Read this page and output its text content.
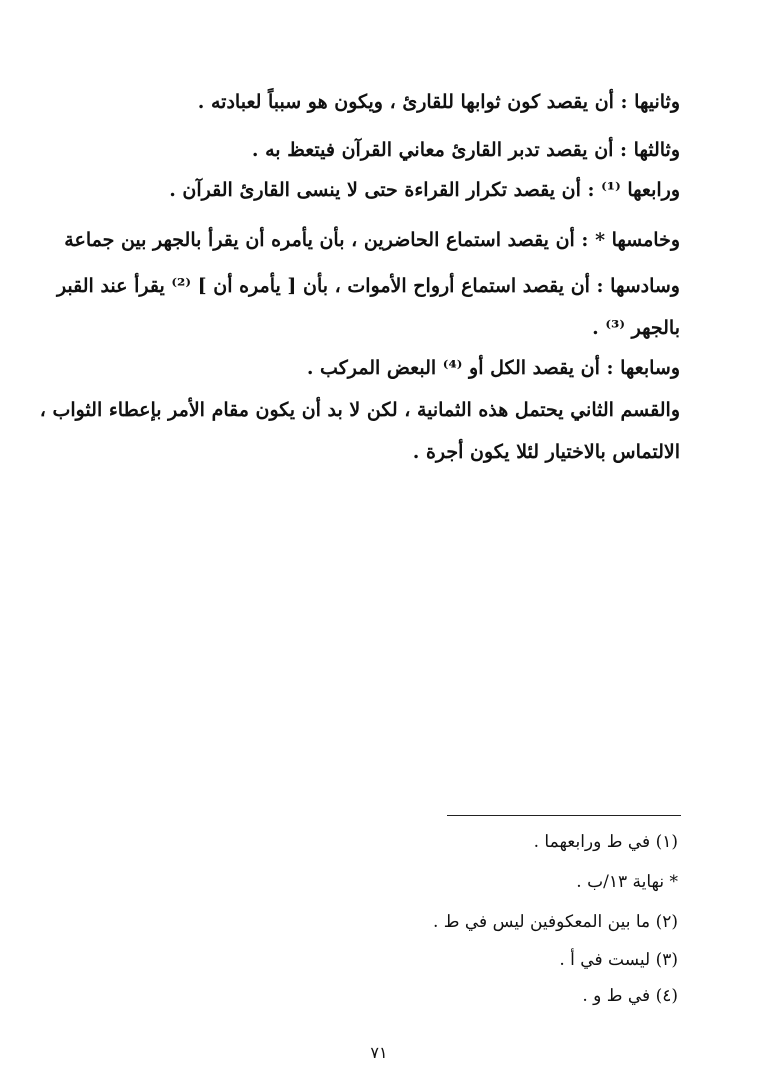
وثانيها : أن يقصد كون ثوابها للقارئ ، ويكون هو سبباً لعبادته .
وثالثها : أن يقصد تدبر القارئ معاني القرآن فيتعظ به .
ورابعها ⁽¹⁾ : أن يقصد تكرار القراءة حتى لا ينسى القارئ القرآن .
وخامسها * : أن يقصد استماع الحاضرين ، بأن يأمره أن يقرأ بالجهر بين جماعة
وسادسها : أن يقصد استماع أرواح الأموات ، بأن [ يأمره أن ] ⁽²⁾ يقرأ عند القبر
بالجهر ⁽³⁾ .
وسابعها : أن يقصد الكل أو ⁽⁴⁾ البعض المركب .
والقسم الثاني يحتمل هذه الثمانية ، لكن لا بد أن يكون مقام الأمر بإعطاء الثواب ،
الالتماس بالاختيار لئلا يكون أجرة .
(١) في ط ورابعهما .
* نهاية ١٣/ب .
(٢) ما بين المعكوفين ليس في ط .
(٣) ليست في أ .
(٤) في ط و .
٧١
